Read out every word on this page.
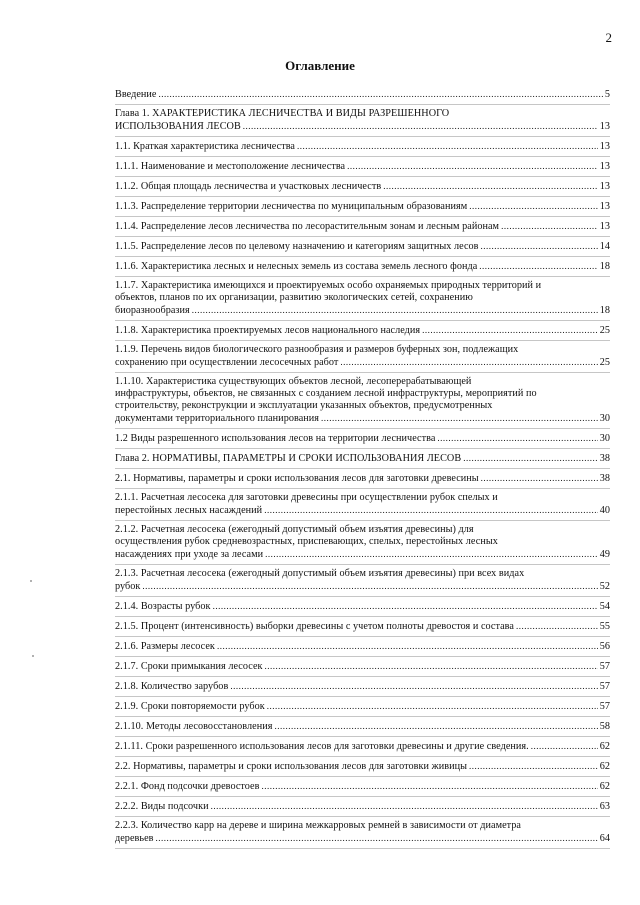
2
Оглавление
Введение .....	5
Глава 1. ХАРАКТЕРИСТИКА ЛЕСНИЧЕСТВА И ВИДЫ РАЗРЕШЕННОГО
ИСПОЛЬЗОВАНИЯ ЛЕСОВ .....	13
1.1. Краткая характеристика лесничества .....	13
1.1.1. Наименование и местоположение лесничества .....	13
1.1.2. Общая площадь лесничества и участковых лесничеств .....	13
1.1.3. Распределение территории лесничества по муниципальным образованиям .....	13
1.1.4. Распределение лесов лесничества по лесорастительным зонам и лесным районам .....	13
1.1.5. Распределение лесов по целевому назначению и категориям защитных лесов .....	14
1.1.6. Характеристика лесных и нелесных земель из состава земель лесного фонда .....	18
1.1.7. Характеристика имеющихся и проектируемых особо охраняемых природных территорий и
объектов, планов по их организации, развитию экологических сетей, сохранению
биоразнообразия .....	18
1.1.8. Характеристика проектируемых лесов национального наследия .....	25
1.1.9. Перечень видов биологического разнообразия и размеров буферных зон, подлежащих
сохранению при осуществлении лесосечных работ .....	25
1.1.10. Характеристика существующих объектов лесной, лесоперерабатывающей
инфраструктуры, объектов, не связанных с созданием лесной инфраструктуры, мероприятий по
строительству, реконструкции и эксплуатации указанных объектов, предусмотренных
документами территориального планирования .....	30
1.2 Виды разрешенного использования лесов на территории лесничества .....	30
Глава 2. НОРМАТИВЫ, ПАРАМЕТРЫ И СРОКИ ИСПОЛЬЗОВАНИЯ ЛЕСОВ .....	38
2.1. Нормативы, параметры и сроки использования лесов для заготовки древесины .....	38
2.1.1. Расчетная лесосека для заготовки древесины при осуществлении рубок спелых и
перестойных лесных насаждений .....	40
2.1.2. Расчетная лесосека (ежегодный допустимый объем изъятия древесины) для
осуществления рубок средневозрастных, приспевающих, спелых, перестойных лесных
насаждениях при уходе за лесами .....	49
2.1.3. Расчетная лесосека (ежегодный допустимый объем изъятия древесины) при всех видах
рубок .....	52
2.1.4. Возрасты рубок .....	54
2.1.5. Процент (интенсивность) выборки древесины с учетом полноты древостоя и состава .....	55
2.1.6. Размеры лесосек .....	56
2.1.7. Сроки примыкания лесосек .....	57
2.1.8. Количество зарубов .....	57
2.1.9. Сроки повторяемости рубок .....	57
2.1.10. Методы лесовосстановления .....	58
2.1.11. Сроки разрешенного использования лесов для заготовки древесины и другие сведения. .....	62
2.2. Нормативы, параметры и сроки использования лесов для заготовки живицы .....	62
2.2.1. Фонд подсочки древостоев .....	62
2.2.2. Виды подсочки .....	63
2.2.3. Количество карр на дереве и ширина межкарровых ремней в зависимости от диаметра
деревьев .....	64
